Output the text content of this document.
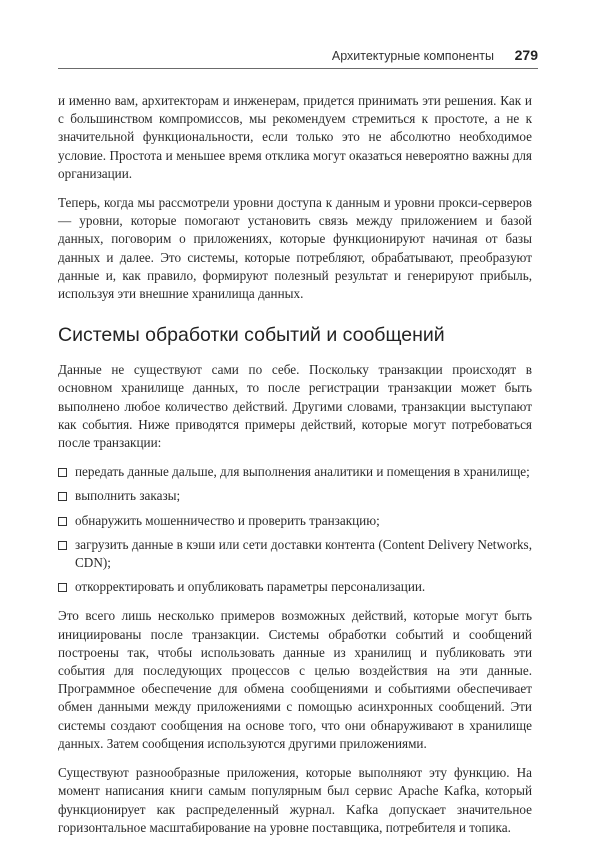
Архитектурные компоненты 279

и именно вам, архитекторам и инженерам, придется принимать эти решения. Как и с большинством компромиссов, мы рекомендуем стремиться к простоте, а не к значительной функциональности, если только это не абсолютно необходимое условие. Простота и меньшее время отклика могут оказаться невероятно важны для организации.

Теперь, когда мы рассмотрели уровни доступа к данным и уровни прокси-серверов — уровни, которые помогают установить связь между приложением и базой данных, поговорим о приложениях, которые функционируют начиная от базы данных и далее. Это системы, которые потребляют, обрабатывают, преобразуют данные и, как правило, формируют полезный результат и генерируют прибыль, используя эти внешние хранилища данных.

Системы обработки событий и сообщений

Данные не существуют сами по себе. Поскольку транзакции происходят в основном хранилище данных, то после регистрации транзакции может быть выполнено любое количество действий. Другими словами, транзакции выступают как события. Ниже приводятся примеры действий, которые могут потребоваться после транзакции:

передать данные дальше, для выполнения аналитики и помещения в хранилище;
выполнить заказы;
обнаружить мошенничество и проверить транзакцию;
загрузить данные в кэши или сети доставки контента (Content Delivery Networks, CDN);
откорректировать и опубликовать параметры персонализации.

Это всего лишь несколько примеров возможных действий, которые могут быть инициированы после транзакции. Системы обработки событий и сообщений построены так, чтобы использовать данные из хранилищ и публиковать эти события для последующих процессов с целью воздействия на эти данные. Программное обеспечение для обмена сообщениями и событиями обеспечивает обмен данными между приложениями с помощью асинхронных сообщений. Эти системы создают сообщения на основе того, что они обнаруживают в хранилище данных. Затем сообщения используются другими приложениями.

Существуют разнообразные приложения, которые выполняют эту функцию. На момент написания книги самым популярным был сервис Apache Kafka, который функционирует как распределенный журнал. Kafka допускает значительное горизонтальное масштабирование на уровне поставщика, потребителя и топика.
